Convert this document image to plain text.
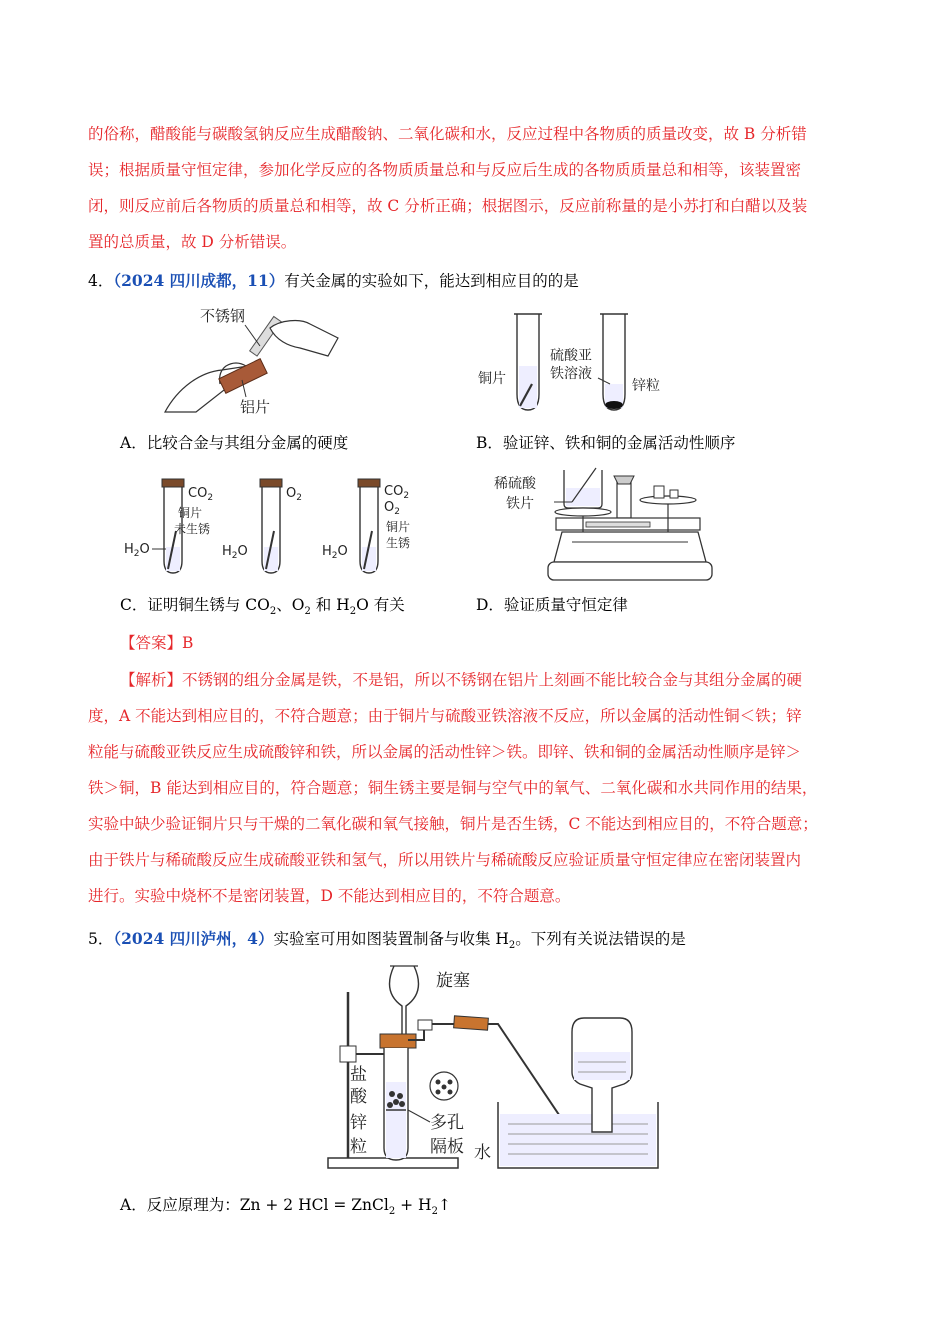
的俗称，醋酸能与碳酸氢钠反应生成醋酸钠、二氧化碳和水，反应过程中各物质的质量改变，故 B 分析错
误；根据质量守恒定律，参加化学反应的各物质质量总和与反应后生成的各物质质量总和相等，该装置密
闭，则反应前后各物质的质量总和相等，故 C 分析正确；根据图示，反应前称量的是小苏打和白醋以及装
置的总质量，故 D 分析错误。
4．（2024 四川成都，11）有关金属的实验如下，能达到相应目的的是
不锈钢
铝片
铜片
硫酸亚
铁溶液
锌粒
A．比较合金与其组分金属的硬度	B．验证锌、铁和铜的金属活动性顺序
$CO_2$
铜片
未生锈
$H_2O$
$O_2$
$H_2O$
$CO_2$
$O_2$
铜片
生锈
$H_2O$
稀硫酸
铁片
C．证明铜生锈与 $CO_2$、$O_2$ 和 $H_2O$ 有关	D．验证质量守恒定律
【答案】B
【解析】不锈钢的组分金属是铁，不是铝，所以不锈钢在铝片上刻画不能比较合金与其组分金属的硬
度，A 不能达到相应目的，不符合题意；由于铜片与硫酸亚铁溶液不反应，所以金属的活动性铜＜铁；锌
粒能与硫酸亚铁反应生成硫酸锌和铁，所以金属的活动性锌＞铁。即锌、铁和铜的金属活动性顺序是锌＞
铁＞铜，B 能达到相应目的，符合题意；铜生锈主要是铜与空气中的氧气、二氧化碳和水共同作用的结果，
实验中缺少验证铜片只与干燥的二氧化碳和氧气接触，铜片是否生锈，C 不能达到相应目的，不符合题意；
由于铁片与稀硫酸反应生成硫酸亚铁和氢气，所以用铁片与稀硫酸反应验证质量守恒定律应在密闭装置内
进行。实验中烧杯不是密闭装置，D 不能达到相应目的，不符合题意。
5．（2024 四川泸州，4）实验室可用如图装置制备与收集 $H_2$。下列有关说法错误的是
旋塞
盐
酸
锌
粒
多孔
隔板 水
A．反应原理为：Zn + 2 HCl = ZnCl$_2$ + $H_2↑$
